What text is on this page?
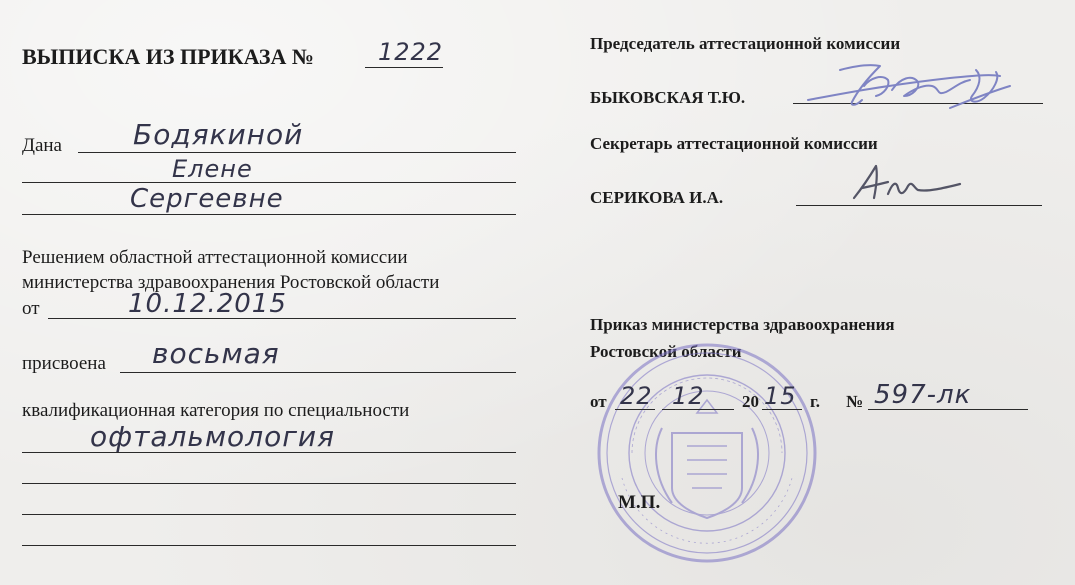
ВЫПИСКА ИЗ ПРИКАЗА №	1222
Дана	Бодякиной
Елене
Сергеевне
Решением областной аттестационной комиссии
министерства здравоохранения Ростовской области
от	10.12.2015
присвоена восьмая
квалификационная категория по специальности
офтальмология
Председатель аттестационной комиссии
БЫКОВСКАЯ Т.Ю.
Секретарь аттестационной комиссии
СЕРИКОВА И.А.
Приказ министерства здравоохранения
Ростовской области
от 22 12 20 15 г. № 597-лк
М.П.
